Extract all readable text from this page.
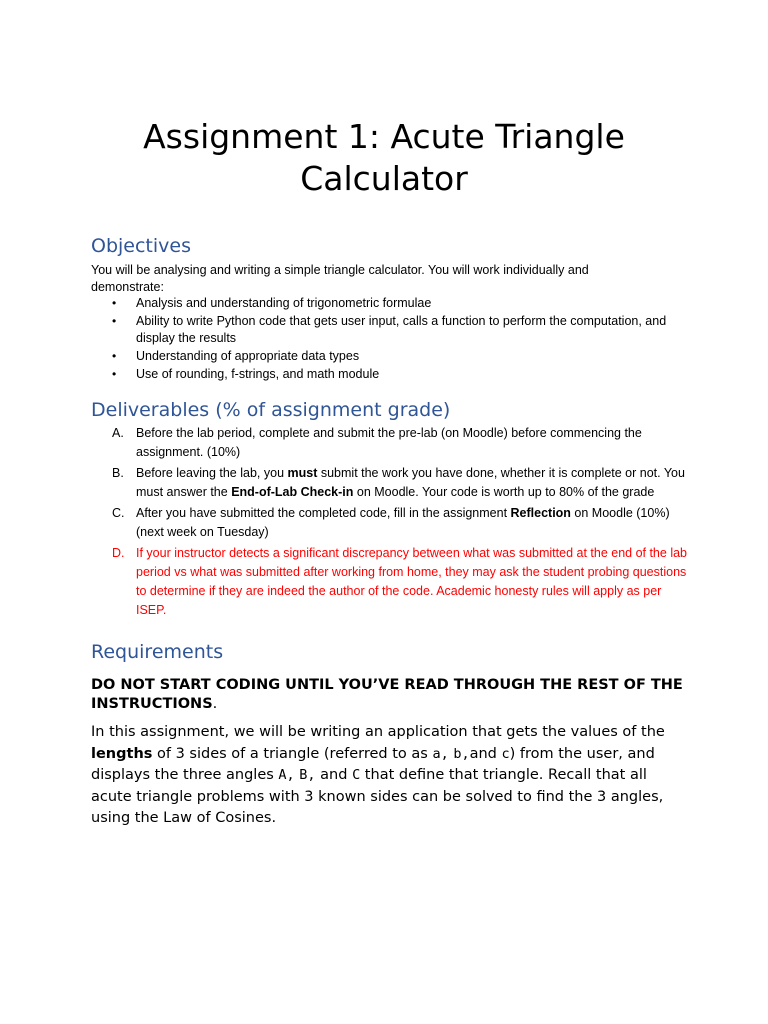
Assignment 1: Acute Triangle Calculator
Objectives
You will be analysing and writing a simple triangle calculator. You will work individually and demonstrate:
• Analysis and understanding of trigonometric formulae
• Ability to write Python code that gets user input, calls a function to perform the computation, and display the results
• Understanding of appropriate data types
• Use of rounding, f-strings, and math module
Deliverables (% of assignment grade)
A. Before the lab period, complete and submit the pre-lab (on Moodle) before commencing the assignment. (10%)
B. Before leaving the lab, you must submit the work you have done, whether it is complete or not. You must answer the End-of-Lab Check-in on Moodle. Your code is worth up to 80% of the grade
C. After you have submitted the completed code, fill in the assignment Reflection on Moodle (10%) (next week on Tuesday)
D. If your instructor detects a significant discrepancy between what was submitted at the end of the lab period vs what was submitted after working from home, they may ask the student probing questions to determine if they are indeed the author of the code. Academic honesty rules will apply as per ISEP.
Requirements
DO NOT START CODING UNTIL YOU’VE READ THROUGH THE REST OF THE INSTRUCTIONS.
In this assignment, we will be writing an application that gets the values of the lengths of 3 sides of a triangle (referred to as a, b,and c) from the user, and displays the three angles A, B, and C that define that triangle. Recall that all acute triangle problems with 3 known sides can be solved to find the 3 angles, using the Law of Cosines.
